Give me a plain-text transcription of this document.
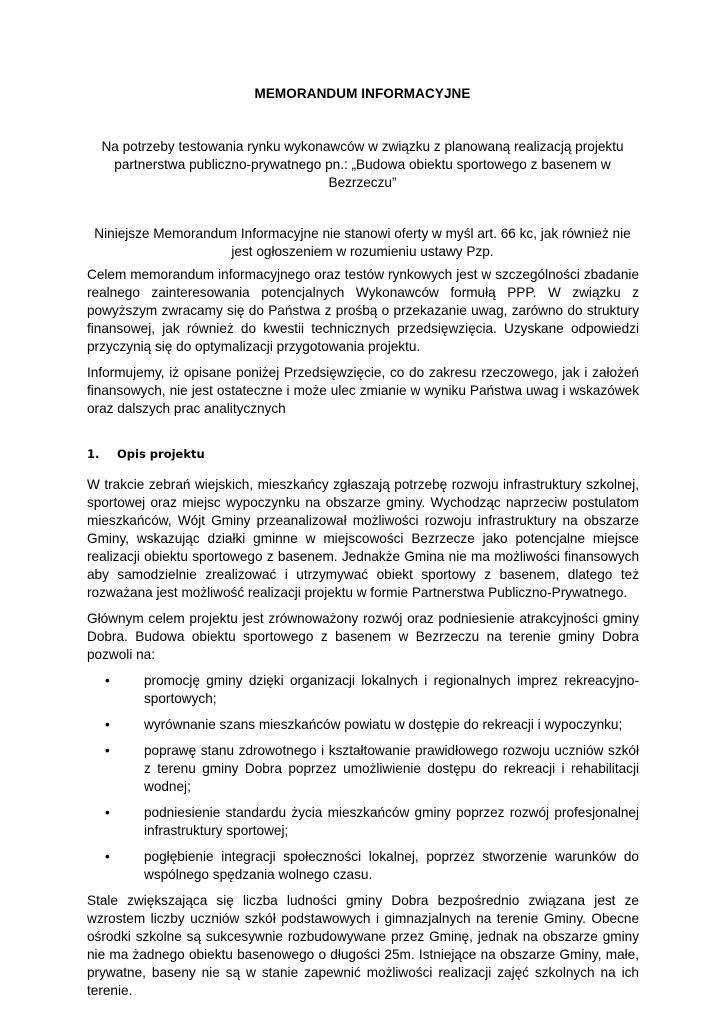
MEMORANDUM INFORMACYJNE
Na potrzeby testowania rynku wykonawców w związku z planowaną realizacją projektu partnerstwa publiczno-prywatnego pn.: „Budowa obiektu sportowego z basenem w Bezrzeczu”
Niniejsze Memorandum Informacyjne nie stanowi oferty w myśl art. 66 kc, jak również nie jest ogłoszeniem w rozumieniu ustawy Pzp.

Celem memorandum informacyjnego oraz testów rynkowych jest w szczególności zbadanie realnego zainteresowania potencjalnych Wykonawców formułą PPP. W związku z powyższym zwracamy się do Państwa z prośbą o przekazanie uwag, zarówno do struktury finansowej, jak również do kwestii technicznych przedsięwzięcia. Uzyskane odpowiedzi przyczynią się do optymalizacji przygotowania projektu.

Informujemy, iż opisane poniżej Przedsięwzięcie, co do zakresu rzeczowego, jak i założeń finansowych, nie jest ostateczne i może ulec zmianie w wyniku Państwa uwag i wskazówek oraz dalszych prac analitycznych

1.	Opis projektu

W trakcie zebrań wiejskich, mieszkańcy zgłaszają potrzebę rozwoju infrastruktury szkolnej, sportowej oraz miejsc wypoczynku na obszarze gminy. Wychodząc naprzeciw postulatom mieszkańców, Wójt Gminy przeanalizował możliwości rozwoju infrastruktury na obszarze Gminy, wskazując działki gminne w miejscowości Bezrzecze jako potencjalne miejsce realizacji obiektu sportowego z basenem. Jednakże Gmina nie ma możliwości finansowych aby samodzielnie zrealizować i utrzymywać obiekt sportowy z basenem, dlatego też rozważana jest możliwość realizacji projektu w formie Partnerstwa Publiczno-Prywatnego.

Głównym celem projektu jest zrównoważony rozwój oraz podniesienie atrakcyjności gminy Dobra. Budowa obiektu sportowego z basenem w Bezrzeczu na terenie gminy Dobra pozwoli na:

•	promocję gminy dzięki organizacji lokalnych i regionalnych imprez rekreacyjno-sportowych;
•	wyrównanie szans mieszkańców powiatu w dostępie do rekreacji i wypoczynku;
•	poprawę stanu zdrowotnego i kształtowanie prawidłowego rozwoju uczniów szkół z terenu gminy Dobra poprzez umożliwienie dostępu do rekreacji i rehabilitacji wodnej;
•	podniesienie standardu życia mieszkańców gminy poprzez rozwój profesjonalnej infrastruktury sportowej;
•	pogłębienie integracji społeczności lokalnej, poprzez stworzenie warunków do wspólnego spędzania wolnego czasu.

Stale zwiększająca się liczba ludności gminy Dobra bezpośrednio związana jest ze wzrostem liczby uczniów szkół podstawowych i gimnazjalnych na terenie Gminy. Obecne ośrodki szkolne są sukcesywnie rozbudowywane przez Gminę, jednak na obszarze gminy nie ma żadnego obiektu basenowego o długości 25m. Istniejące na obszarze Gminy, małe, prywatne, baseny nie są w stanie zapewnić możliwości realizacji zajęć szkolnych na ich terenie.
